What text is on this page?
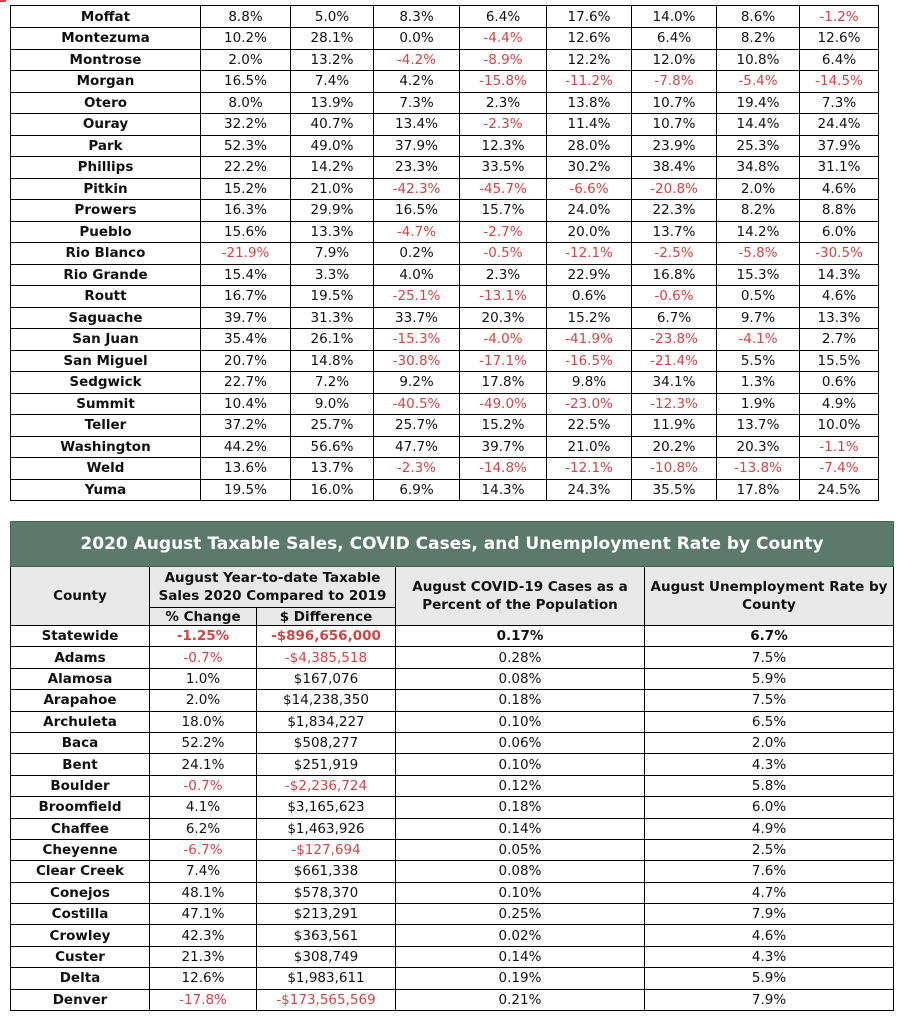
Moffat	8.8%	5.0%	8.3%	6.4%	17.6%	14.0%	8.6%	-1.2%
Montezuma	10.2%	28.1%	0.0%	-4.4%	12.6%	6.4%	8.2%	12.6%
Montrose	2.0%	13.2%	-4.2%	-8.9%	12.2%	12.0%	10.8%	6.4%
Morgan	16.5%	7.4%	4.2%	-15.8%	-11.2%	-7.8%	-5.4%	-14.5%
Otero	8.0%	13.9%	7.3%	2.3%	13.8%	10.7%	19.4%	7.3%
Ouray	32.2%	40.7%	13.4%	-2.3%	11.4%	10.7%	14.4%	24.4%
Park	52.3%	49.0%	37.9%	12.3%	28.0%	23.9%	25.3%	37.9%
Phillips	22.2%	14.2%	23.3%	33.5%	30.2%	38.4%	34.8%	31.1%
Pitkin	15.2%	21.0%	-42.3%	-45.7%	-6.6%	-20.8%	2.0%	4.6%
Prowers	16.3%	29.9%	16.5%	15.7%	24.0%	22.3%	8.2%	8.8%
Pueblo	15.6%	13.3%	-4.7%	-2.7%	20.0%	13.7%	14.2%	6.0%
Rio Blanco	-21.9%	7.9%	0.2%	-0.5%	-12.1%	-2.5%	-5.8%	-30.5%
Rio Grande	15.4%	3.3%	4.0%	2.3%	22.9%	16.8%	15.3%	14.3%
Routt	16.7%	19.5%	-25.1%	-13.1%	0.6%	-0.6%	0.5%	4.6%
Saguache	39.7%	31.3%	33.7%	20.3%	15.2%	6.7%	9.7%	13.3%
San Juan	35.4%	26.1%	-15.3%	-4.0%	-41.9%	-23.8%	-4.1%	2.7%
San Miguel	20.7%	14.8%	-30.8%	-17.1%	-16.5%	-21.4%	5.5%	15.5%
Sedgwick	22.7%	7.2%	9.2%	17.8%	9.8%	34.1%	1.3%	0.6%
Summit	10.4%	9.0%	-40.5%	-49.0%	-23.0%	-12.3%	1.9%	4.9%
Teller	37.2%	25.7%	25.7%	15.2%	22.5%	11.9%	13.7%	10.0%
Washington	44.2%	56.6%	47.7%	39.7%	21.0%	20.2%	20.3%	-1.1%
Weld	13.6%	13.7%	-2.3%	-14.8%	-12.1%	-10.8%	-13.8%	-7.4%
Yuma	19.5%	16.0%	6.9%	14.3%	24.3%	35.5%	17.8%	24.5%
2020 August Taxable Sales, COVID Cases, and Unemployment Rate by County				
County	August Year-to-date Taxable Sales 2020 Compared to 2019		August COVID-19 Cases as a Percent of the Population	August Unemployment Rate by County
	% Change	$ Difference		
Statewide	-1.25%	-$896,656,000	0.17%	6.7%
Adams	-0.7%	-$4,385,518	0.28%	7.5%
Alamosa	1.0%	$167,076	0.08%	5.9%
Arapahoe	2.0%	$14,238,350	0.18%	7.5%
Archuleta	18.0%	$1,834,227	0.10%	6.5%
Baca	52.2%	$508,277	0.06%	2.0%
Bent	24.1%	$251,919	0.10%	4.3%
Boulder	-0.7%	-$2,236,724	0.12%	5.8%
Broomfield	4.1%	$3,165,623	0.18%	6.0%
Chaffee	6.2%	$1,463,926	0.14%	4.9%
Cheyenne	-6.7%	-$127,694	0.05%	2.5%
Clear Creek	7.4%	$661,338	0.08%	7.6%
Conejos	48.1%	$578,370	0.10%	4.7%
Costilla	47.1%	$213,291	0.25%	7.9%
Crowley	42.3%	$363,561	0.02%	4.6%
Custer	21.3%	$308,749	0.14%	4.3%
Delta	12.6%	$1,983,611	0.19%	5.9%
Denver	-17.8%	-$173,565,569	0.21%	7.9%
